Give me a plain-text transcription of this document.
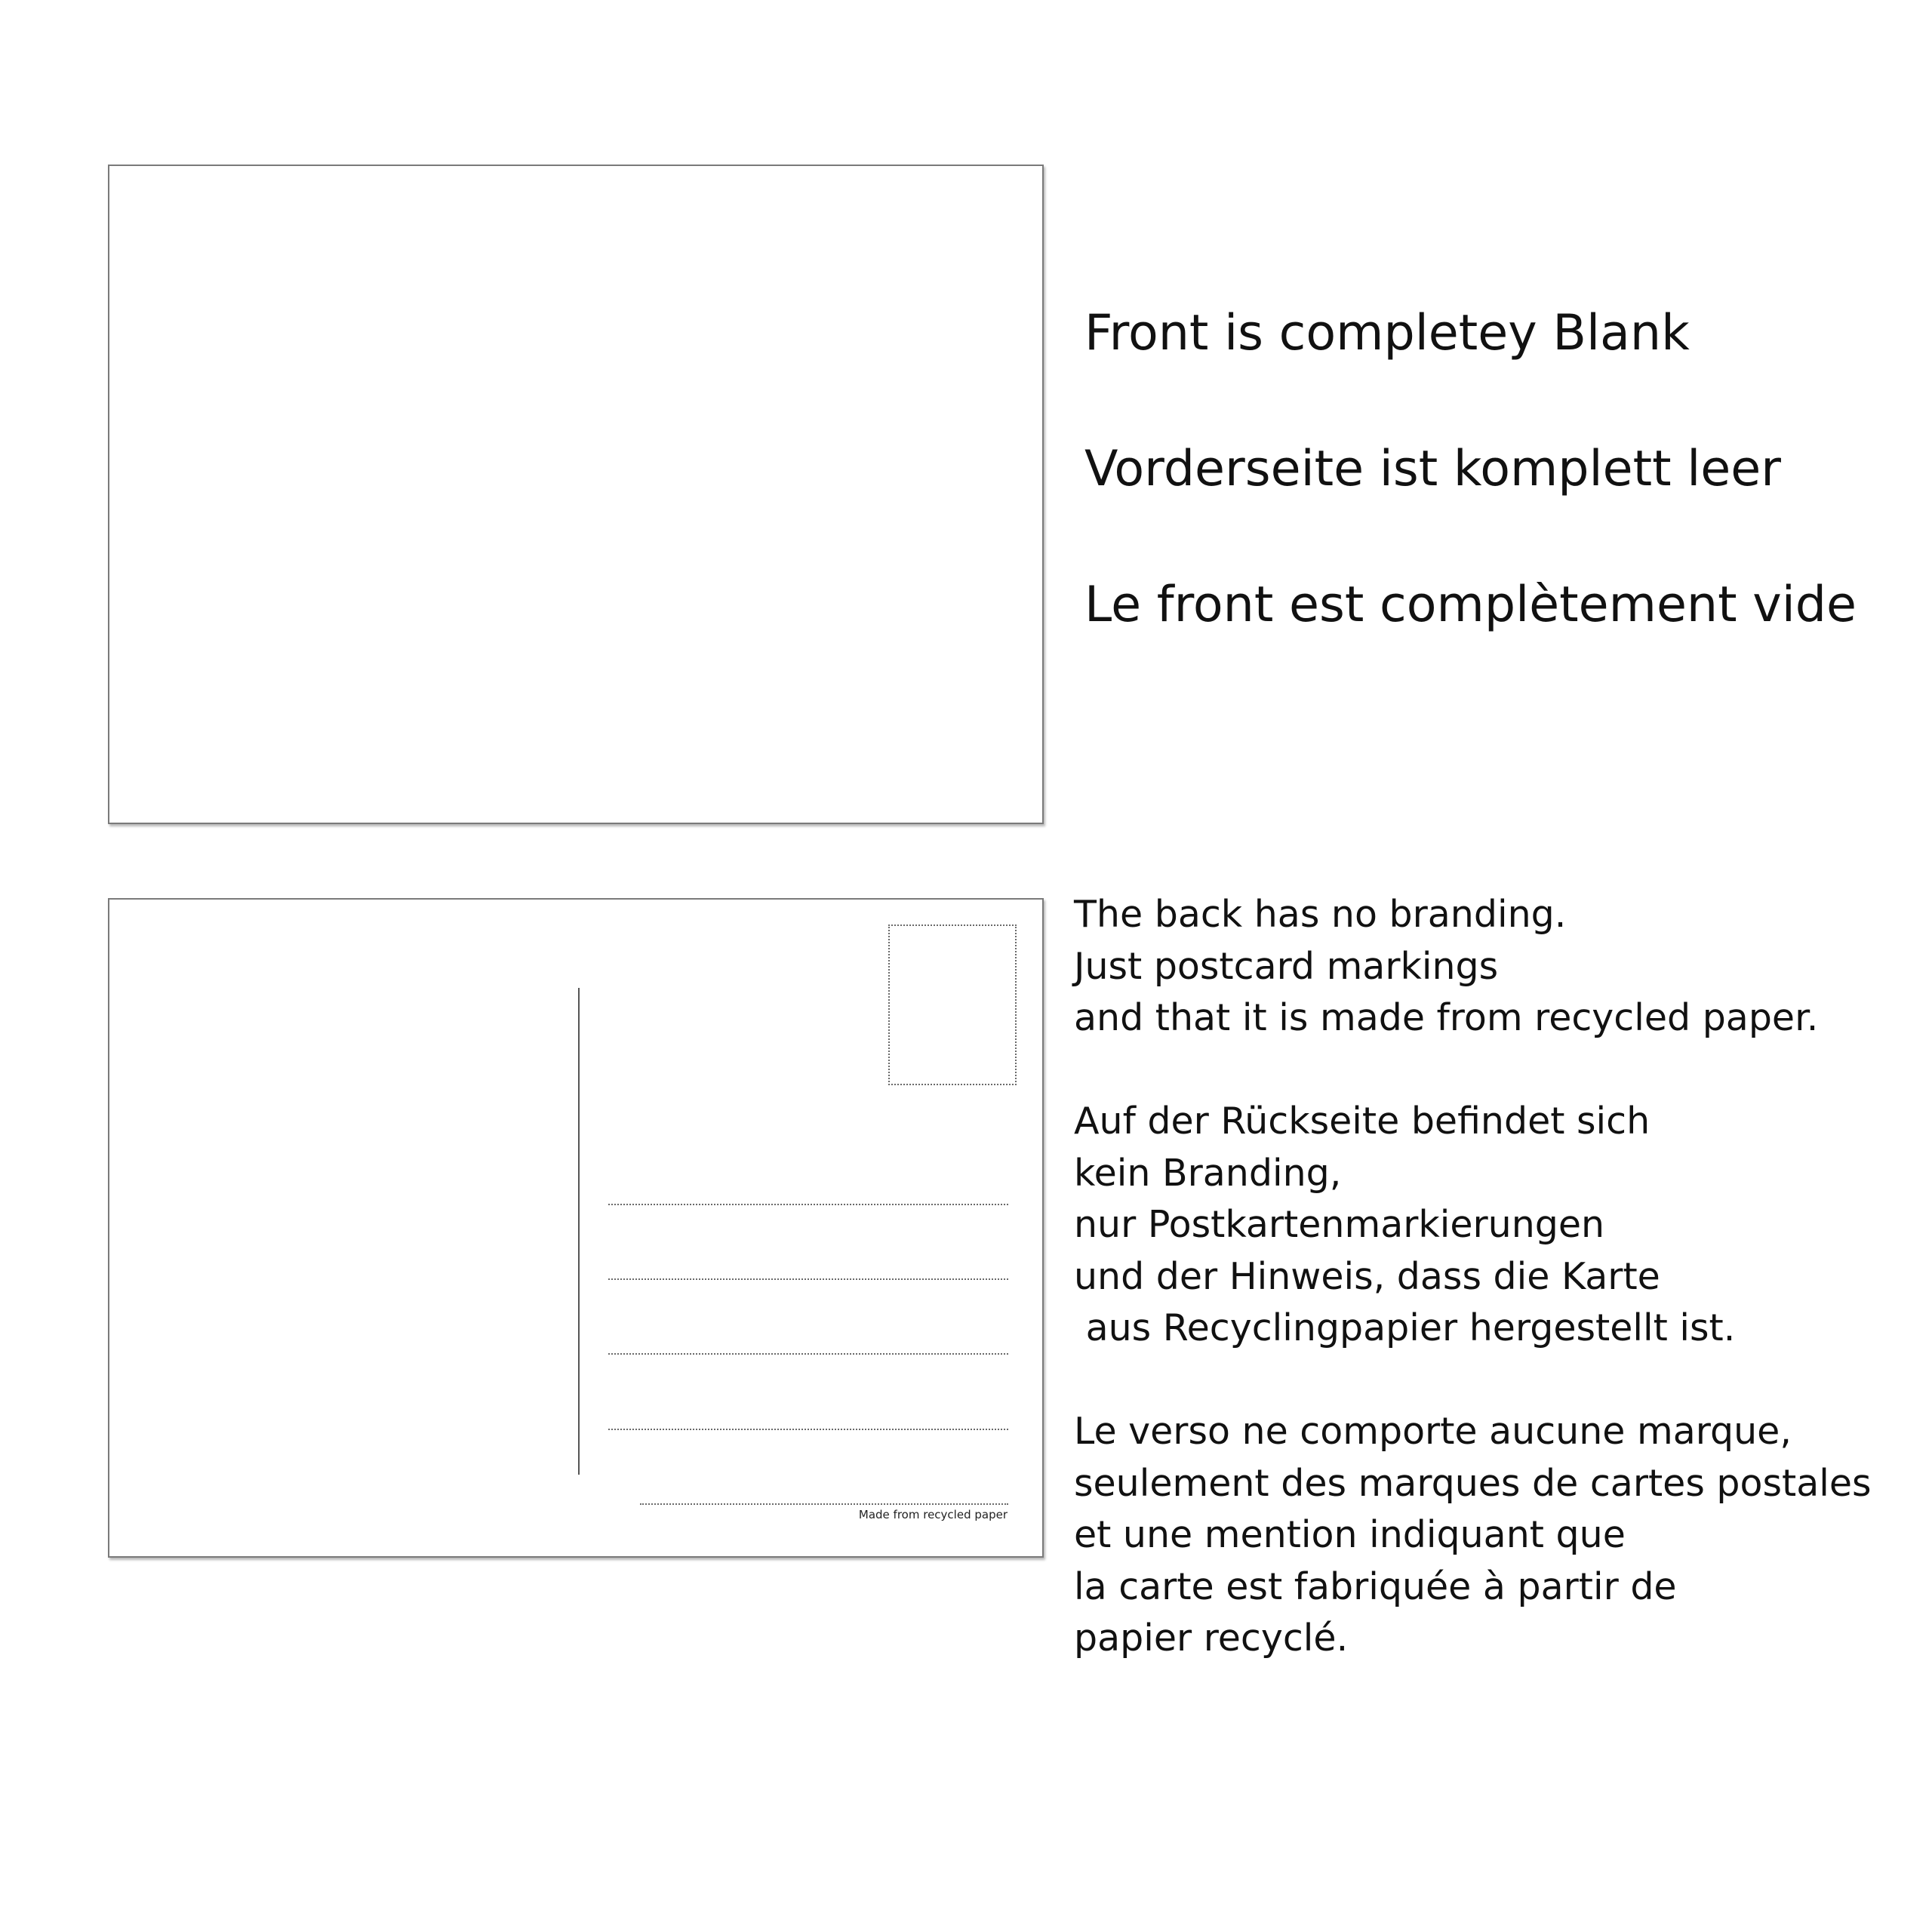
Made from recycled paper

Front is completey Blank

Vorderseite ist komplett leer

Le front est complètement vide

The back has no branding.
Just postcard markings
and that it is made from recycled paper.
Auf der Rückseite befindet sich
kein Branding,
nur Postkartenmarkierungen
und der Hinweis, dass die Karte
aus Recyclingpapier hergestellt ist.
Le verso ne comporte aucune marque,
seulement des marques de cartes postales
et une mention indiquant que
la carte est fabriquée à partir de
papier recyclé.
